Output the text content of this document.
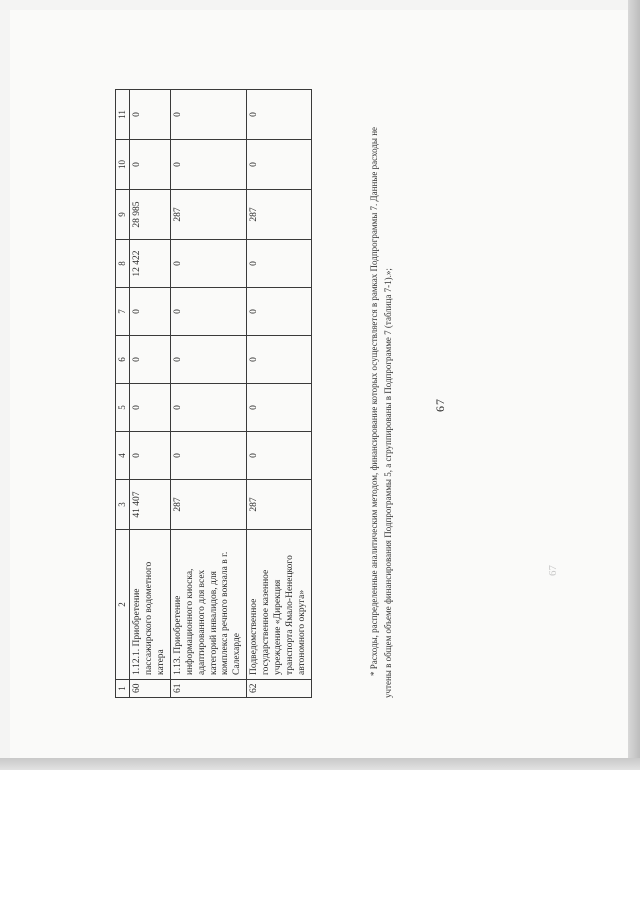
67
67
1	2	3	4	5	6	7	8	9	10	11
60	1.12.1. Приобретение пассажирского водометного катера	41 407	0	0	0	0	12 422	28 985	0	0
61	1.13. Приобретение информационного киоска, адаптированного для всех категорий инвалидов, для комплекса речного вокзала в г. Салехарде	287	0	0	0	0	0	287	0	0
62	Подведомственное государственное казенное учреждение «Дирекция транспорта Ямало-Ненецкого автономного округа»	287	0	0	0	0	0	287	0	0
* Расходы, распределенные аналитическим методом, финансирование которых осуществляется в рамках Подпрограммы 7. Данные расходы не учтены в общем объеме финансирования Подпрограммы 5, а сгруппированы в Подпрограмме 7 (таблица 7-1).»;
